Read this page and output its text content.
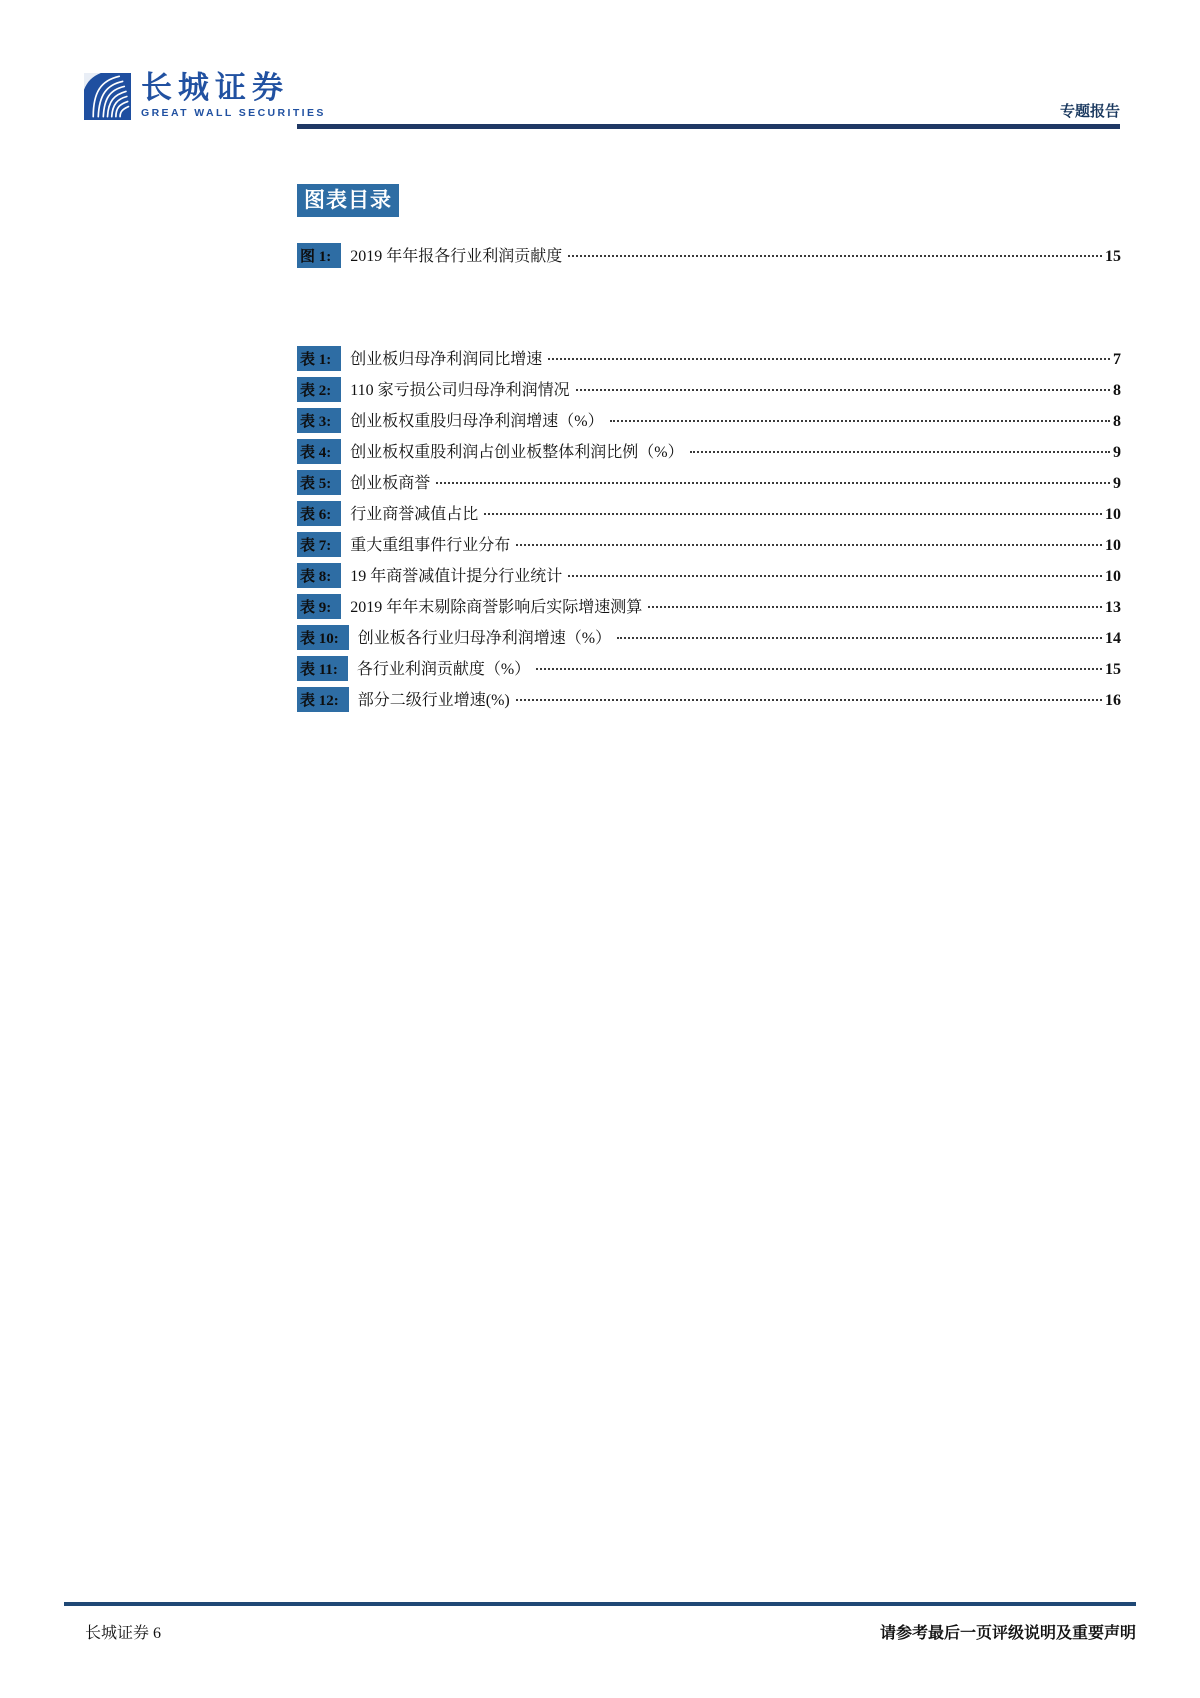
长城证券
GREAT WALL SECURITIES	专题报告
图表目录
图 1:	2019 年年报各行业利润贡献度	15
表 1:	创业板归母净利润同比增速	7
表 2:	110 家亏损公司归母净利润情况	8
表 3:	创业板权重股归母净利润增速（%）	8
表 4:	创业板权重股利润占创业板整体利润比例（%）	9
表 5:	创业板商誉	9
表 6:	行业商誉减值占比	10
表 7:	重大重组事件行业分布	10
表 8:	19 年商誉减值计提分行业统计	10
表 9:	2019 年年末剔除商誉影响后实际增速测算	13
表 10:	创业板各行业归母净利润增速（%）	14
表 11:	各行业利润贡献度（%）	15
表 12:	部分二级行业增速(%)	16
长城证券 6	请参考最后一页评级说明及重要声明
